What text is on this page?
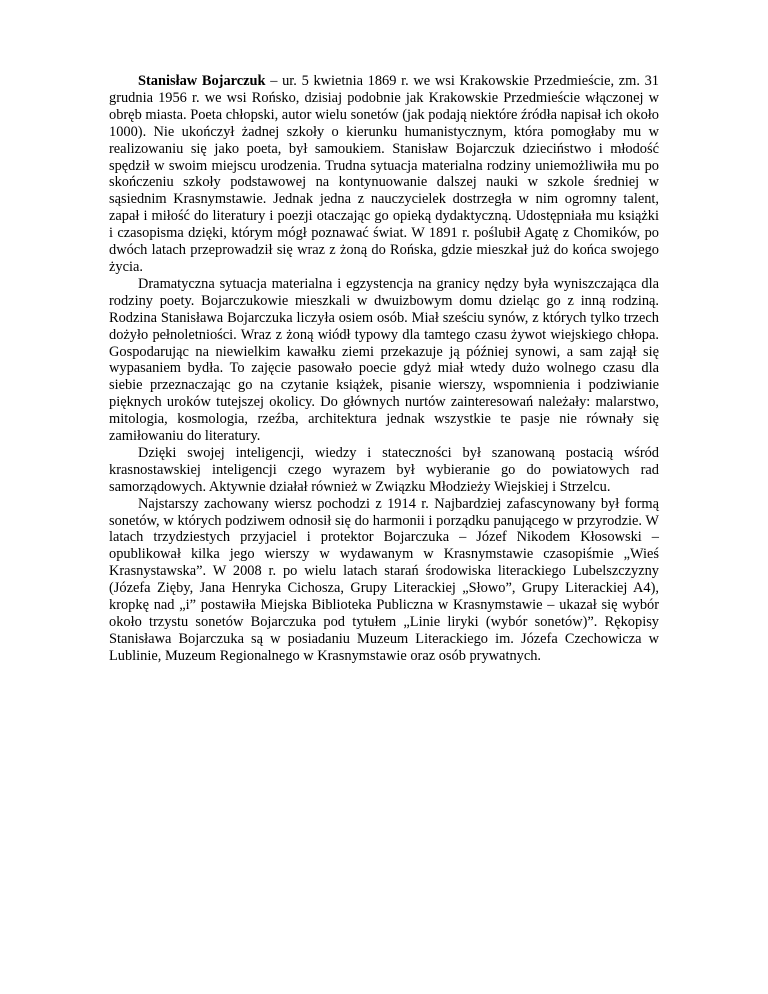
Stanisław Bojarczuk – ur. 5 kwietnia 1869 r. we wsi Krakowskie Przedmieście, zm. 31 grudnia 1956 r. we wsi Rońsko, dzisiaj podobnie jak Krakowskie Przedmieście włączonej w obręb miasta. Poeta chłopski, autor wielu sonetów (jak podają niektóre źródła napisał ich około 1000). Nie ukończył żadnej szkoły o kierunku humanistycznym, która pomogłaby mu w realizowaniu się jako poeta, był samoukiem. Stanisław Bojarczuk dzieciństwo i młodość spędził w swoim miejscu urodzenia. Trudna sytuacja materialna rodziny uniemożliwiła mu po skończeniu szkoły podstawowej na kontynuowanie dalszej nauki w szkole średniej w sąsiednim Krasnymstawie. Jednak jedna z nauczycielek dostrzegła w nim ogromny talent, zapał i miłość do literatury i poezji otaczając go opieką dydaktyczną. Udostępniała mu książki i czasopisma dzięki, którym mógł poznawać świat. W 1891 r. poślubił Agatę z Chomików, po dwóch latach przeprowadził się wraz z żoną do Rońska, gdzie mieszkał już do końca swojego życia.

Dramatyczna sytuacja materialna i egzystencja na granicy nędzy była wyniszczająca dla rodziny poety. Bojarczukowie mieszkali w dwuizbowym domu dzieląc go z inną rodziną. Rodzina Stanisława Bojarczuka liczyła osiem osób. Miał sześciu synów, z których tylko trzech dożyło pełnoletniości. Wraz z żoną wiódł typowy dla tamtego czasu żywot wiejskiego chłopa. Gospodarując na niewielkim kawałku ziemi przekazuje ją później synowi, a sam zajął się wypasaniem bydła. To zajęcie pasowało poecie gdyż miał wtedy dużo wolnego czasu dla siebie przeznaczając go na czytanie książek, pisanie wierszy, wspomnienia i podziwianie pięknych uroków tutejszej okolicy. Do głównych nurtów zainteresowań należały: malarstwo, mitologia, kosmologia, rzeźba, architektura jednak wszystkie te pasje nie równały się zamiłowaniu do literatury.

Dzięki swojej inteligencji, wiedzy i stateczności był szanowaną postacią wśród krasnostawskiej inteligencji czego wyrazem był wybieranie go do powiatowych rad samorządowych. Aktywnie działał również w Związku Młodzieży Wiejskiej i Strzelcu.

Najstarszy zachowany wiersz pochodzi z 1914 r. Najbardziej zafascynowany był formą sonetów, w których podziwem odnosił się do harmonii i porządku panującego w przyrodzie. W latach trzydziestych przyjaciel i protektor Bojarczuka – Józef Nikodem Kłosowski – opublikował kilka jego wierszy w wydawanym w Krasnymstawie czasopiśmie „Wieś Krasnystawska”. W 2008 r. po wielu latach starań środowiska literackiego Lubelszczyzny (Józefa Zięby, Jana Henryka Cichosza, Grupy Literackiej „Słowo”, Grupy Literackiej A4), kropkę nad „i” postawiła Miejska Biblioteka Publiczna w Krasnymstawie – ukazał się wybór około trzystu sonetów Bojarczuka pod tytułem „Linie liryki (wybór sonetów)”. Rękopisy Stanisława Bojarczuka są w posiadaniu Muzeum Literackiego im. Józefa Czechowicza w Lublinie, Muzeum Regionalnego w Krasnymstawie oraz osób prywatnych.
